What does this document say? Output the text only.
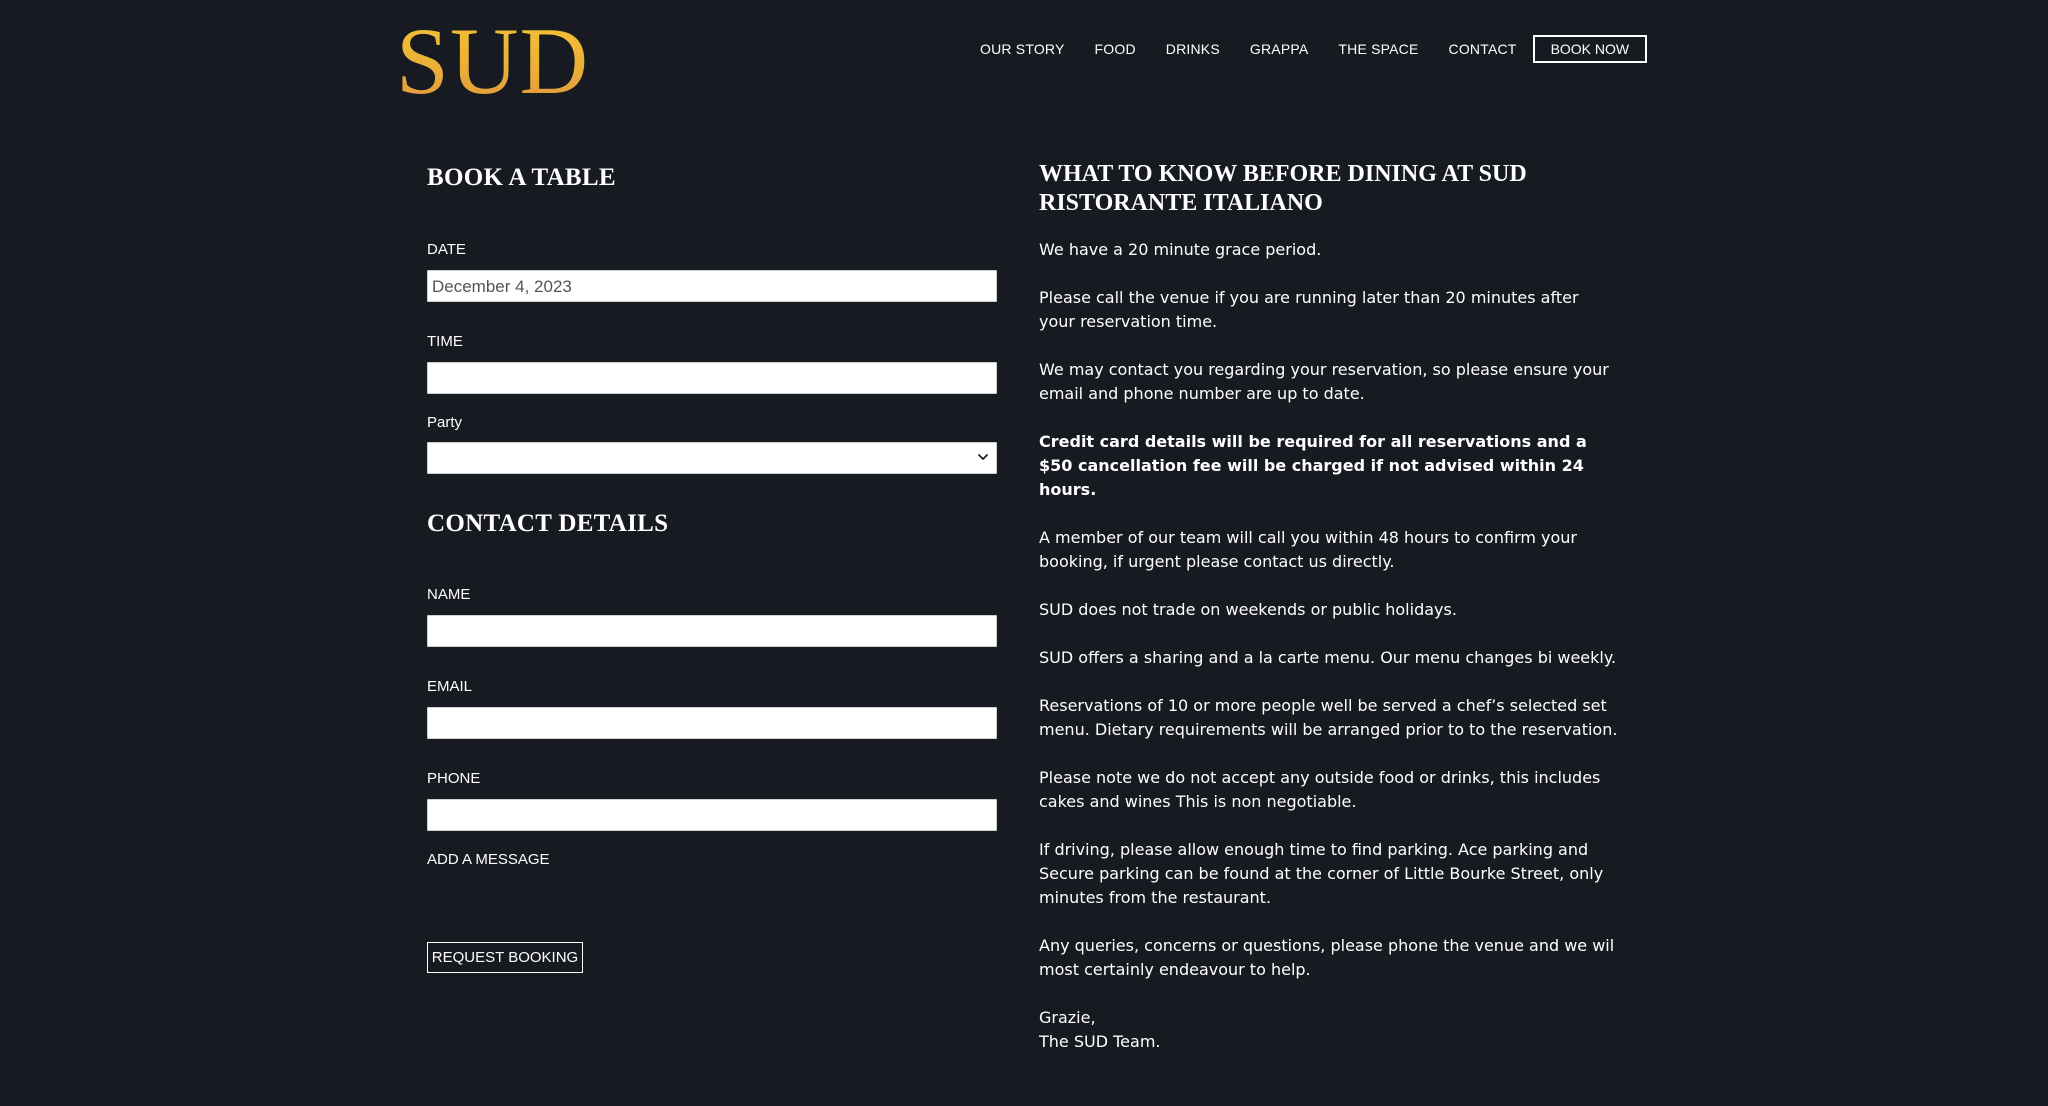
SUD	OUR STORY FOOD DRINKS GRAPPA THE SPACE CONTACT	BOOK NOW
BOOK A TABLE
DATE
December 4, 2023
TIME
Party
CONTACT DETAILS
NAME
EMAIL
PHONE
ADD A MESSAGE
REQUEST BOOKING
WHAT TO KNOW BEFORE DINING AT SUD RISTORANTE ITALIANO

We have a 20 minute grace period.

Please call the venue if you are running later than 20 minutes after your reservation time.

We may contact you regarding your reservation, so please ensure your email and phone number are up to date.

Credit card details will be required for all reservations and a $50 cancellation fee will be charged if not advised within 24 hours.

A member of our team will call you within 48 hours to confirm your booking, if urgent please contact us directly.

SUD does not trade on weekends or public holidays.

SUD offers a sharing and a la carte menu. Our menu changes bi weekly.

Reservations of 10 or more people well be served a chef’s selected set menu. Dietary requirements will be arranged prior to to the reservation.

Please note we do not accept any outside food or drinks, this includes cakes and wines This is non negotiable.

If driving, please allow enough time to find parking. Ace parking and Secure parking can be found at the corner of Little Bourke Street, only minutes from the restaurant.

Any queries, concerns or questions, please phone the venue and we wil most certainly endeavour to help.

Grazie,

The SUD Team.
